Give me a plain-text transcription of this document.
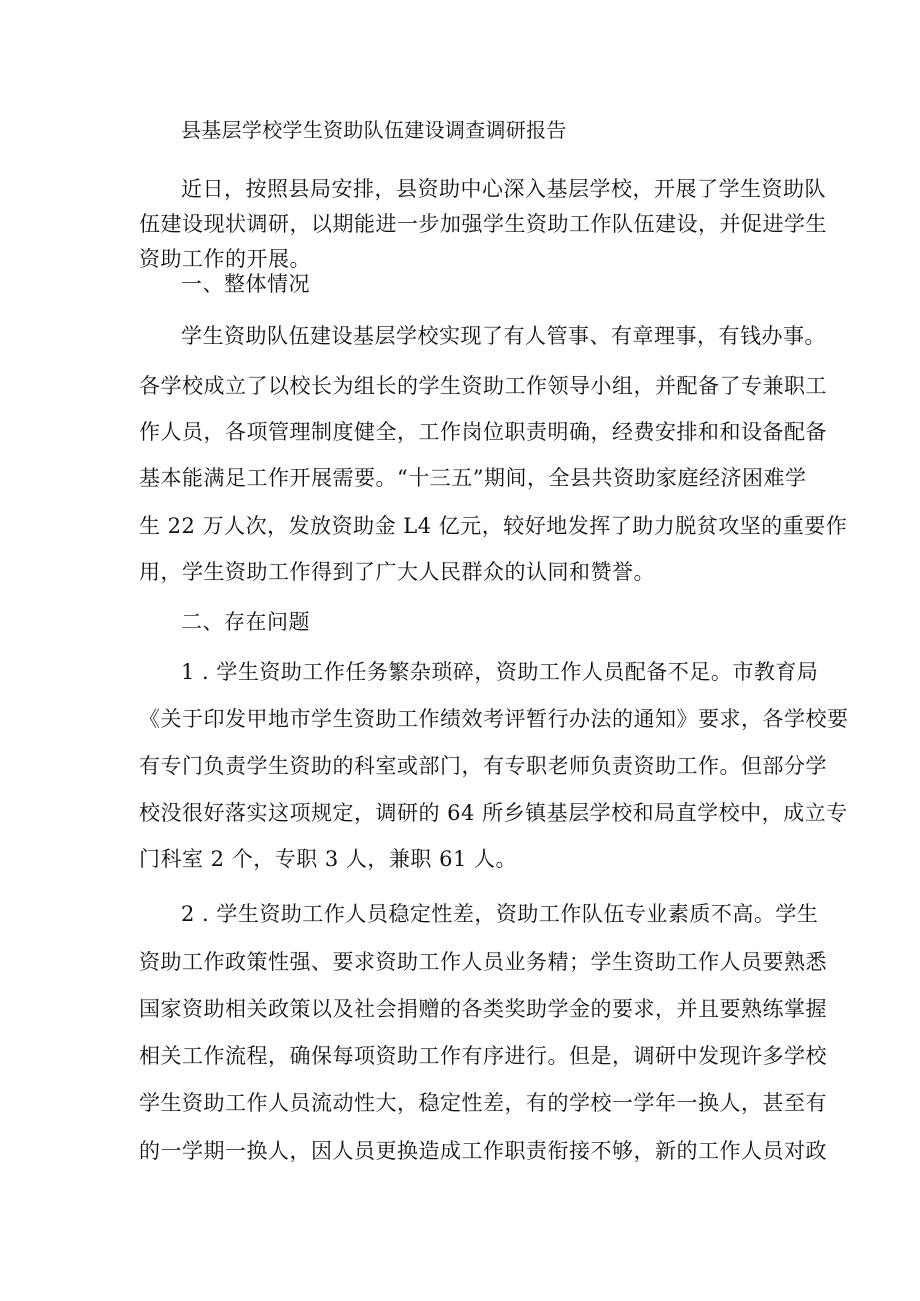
县基层学校学生资助队伍建设调查调研报告
近日，按照县局安排，县资助中心深入基层学校，开展了学生资助队
伍建设现状调研，以期能进一步加强学生资助工作队伍建设，并促进学生
资助工作的开展。
一、整体情况
学生资助队伍建设基层学校实现了有人管事、有章理事，有钱办事。
各学校成立了以校长为组长的学生资助工作领导小组，并配备了专兼职工
作人员，各项管理制度健全，工作岗位职责明确，经费安排和和设备配备
基本能满足工作开展需要。“十三五”期间，全县共资助家庭经济困难学
生 22 万人次，发放资助金 L4 亿元，较好地发挥了助力脱贫攻坚的重要作
用，学生资助工作得到了广大人民群众的认同和赞誉。
二、存在问题
1 . 学生资助工作任务繁杂琐碎，资助工作人员配备不足。市教育局
《关于印发甲地市学生资助工作绩效考评暂行办法的通知》要求，各学校要
有专门负责学生资助的科室或部门，有专职老师负责资助工作。但部分学
校没很好落实这项规定，调研的 64 所乡镇基层学校和局直学校中，成立专
门科室 2 个，专职 3 人，兼职 61 人。
2 . 学生资助工作人员稳定性差，资助工作队伍专业素质不高。学生
资助工作政策性强、要求资助工作人员业务精；学生资助工作人员要熟悉
国家资助相关政策以及社会捐赠的各类奖助学金的要求，并且要熟练掌握
相关工作流程，确保每项资助工作有序进行。但是，调研中发现许多学校
学生资助工作人员流动性大，稳定性差，有的学校一学年一换人，甚至有
的一学期一换人，因人员更换造成工作职责衔接不够，新的工作人员对政
